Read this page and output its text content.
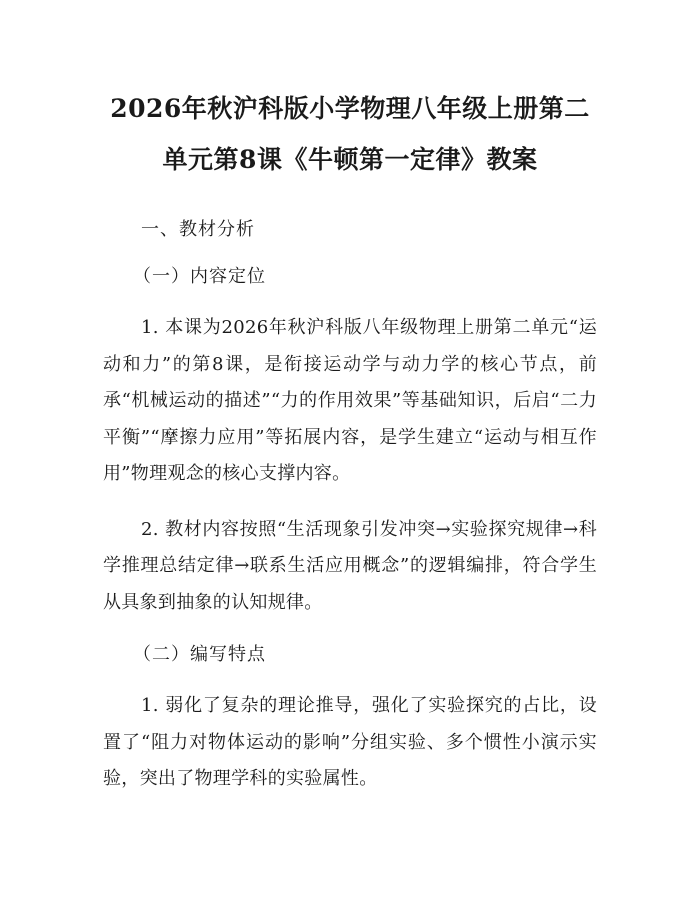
2026年秋沪科版小学物理八年级上册第二单元第8课《牛顿第一定律》教案
一、教材分析
（一）内容定位

1. 本课为2026年秋沪科版八年级物理上册第二单元“运动和力”的第8课，是衔接运动学与动力学的核心节点，前承“机械运动的描述”“力的作用效果”等基础知识，后启“二力平衡”“摩擦力应用”等拓展内容，是学生建立“运动与相互作用”物理观念的核心支撑内容。

2. 教材内容按照“生活现象引发冲突→实验探究规律→科学推理总结定律→联系生活应用概念”的逻辑编排，符合学生从具象到抽象的认知规律。

（二）编写特点

1. 弱化了复杂的理论推导，强化了实验探究的占比，设置了“阻力对物体运动的影响”分组实验、多个惯性小演示实验，突出了物理学科的实验属性。
